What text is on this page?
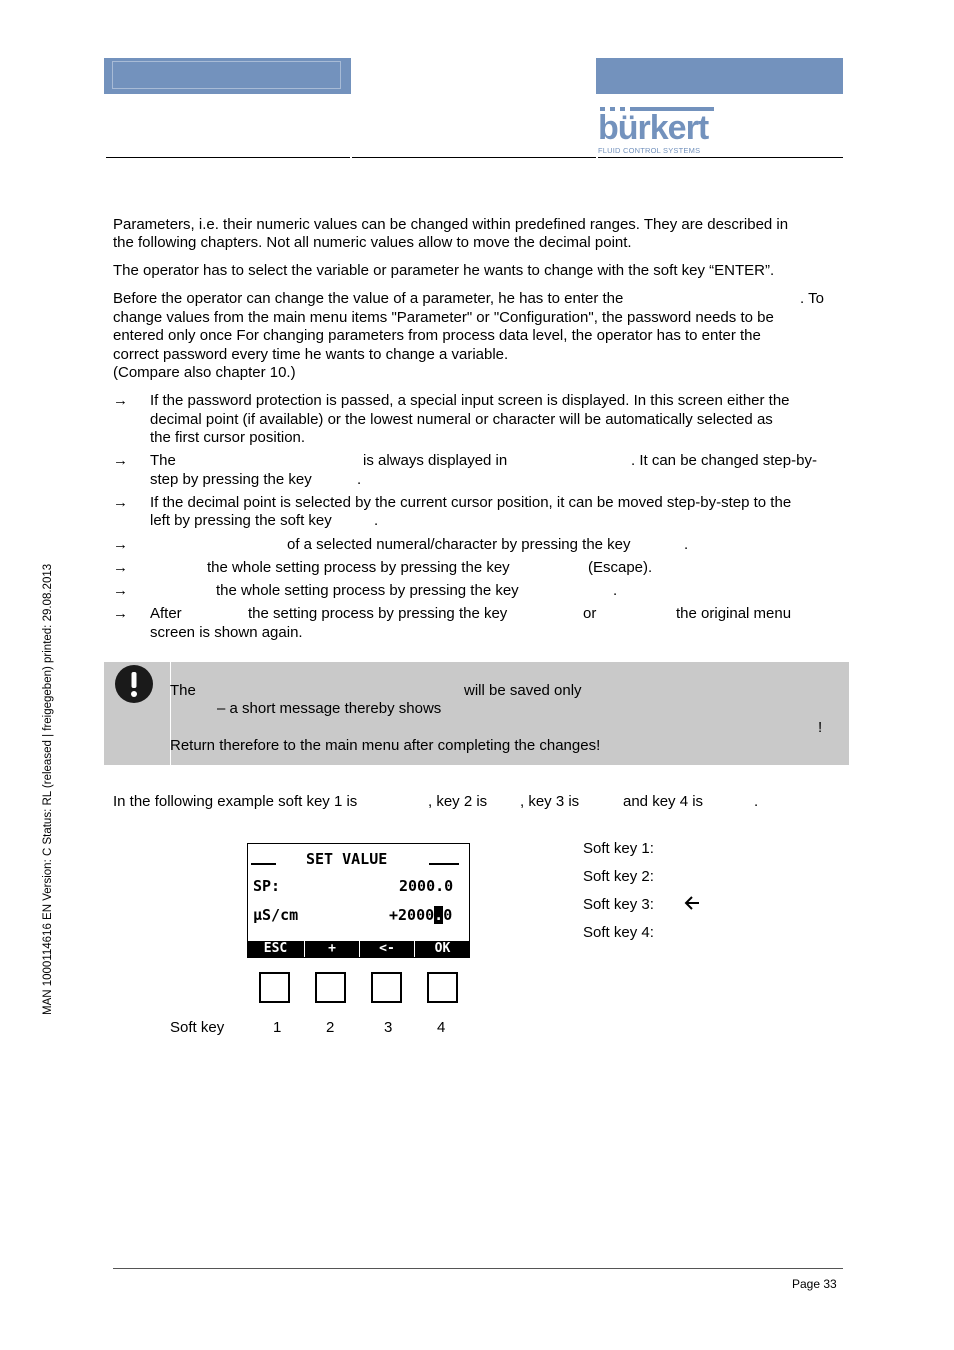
bürkert
FLUID CONTROL SYSTEMS
MAN 1000114616 EN Version: C Status: RL (released | freigegeben) printed: 29.08.2013
Parameters, i.e. their numeric values can be changed within predefined ranges. They are described in
the following chapters. Not all numeric values allow to move the decimal point.
The operator has to select the variable or parameter he wants to change with the soft key “ENTER”.
Before the operator can change the value of a parameter, he has to enter the	. To
change values from the main menu items "Parameter" or "Configuration", the password needs to be
entered only once For changing parameters from process data level, the operator has to enter the
correct password every time he wants to change a variable.
(Compare also chapter 10.)
→ If the password protection is passed, a special input screen is displayed. In this screen either the
decimal point (if available) or the lowest numeral or character will be automatically selected as
the first cursor position.
→ The	is always displayed in	. It can be changed step-by-
step by pressing the key	.
→ If the decimal point is selected by the current cursor position, it can be moved step-by-step to the
left by pressing the soft key	.
→	of a selected numeral/character by pressing the key	.
→	the whole setting process by pressing the key	(Escape).
→	the whole setting process by pressing the key	.
→ After	the setting process by pressing the key	or	the original menu
screen is shown again.
The	will be saved only
– a short message thereby shows
!
Return therefore to the main menu after completing the changes!
In the following example soft key 1 is	, key 2 is , key 3 is	and key 4 is	.
SET VALUE
SP:	2000.0
µS/cm	+2000.0
ESC	+	<-	OK
Soft key	1	2	3	4
Soft key 1:
Soft key 2:
Soft key 3:
Soft key 4:
Page 33
